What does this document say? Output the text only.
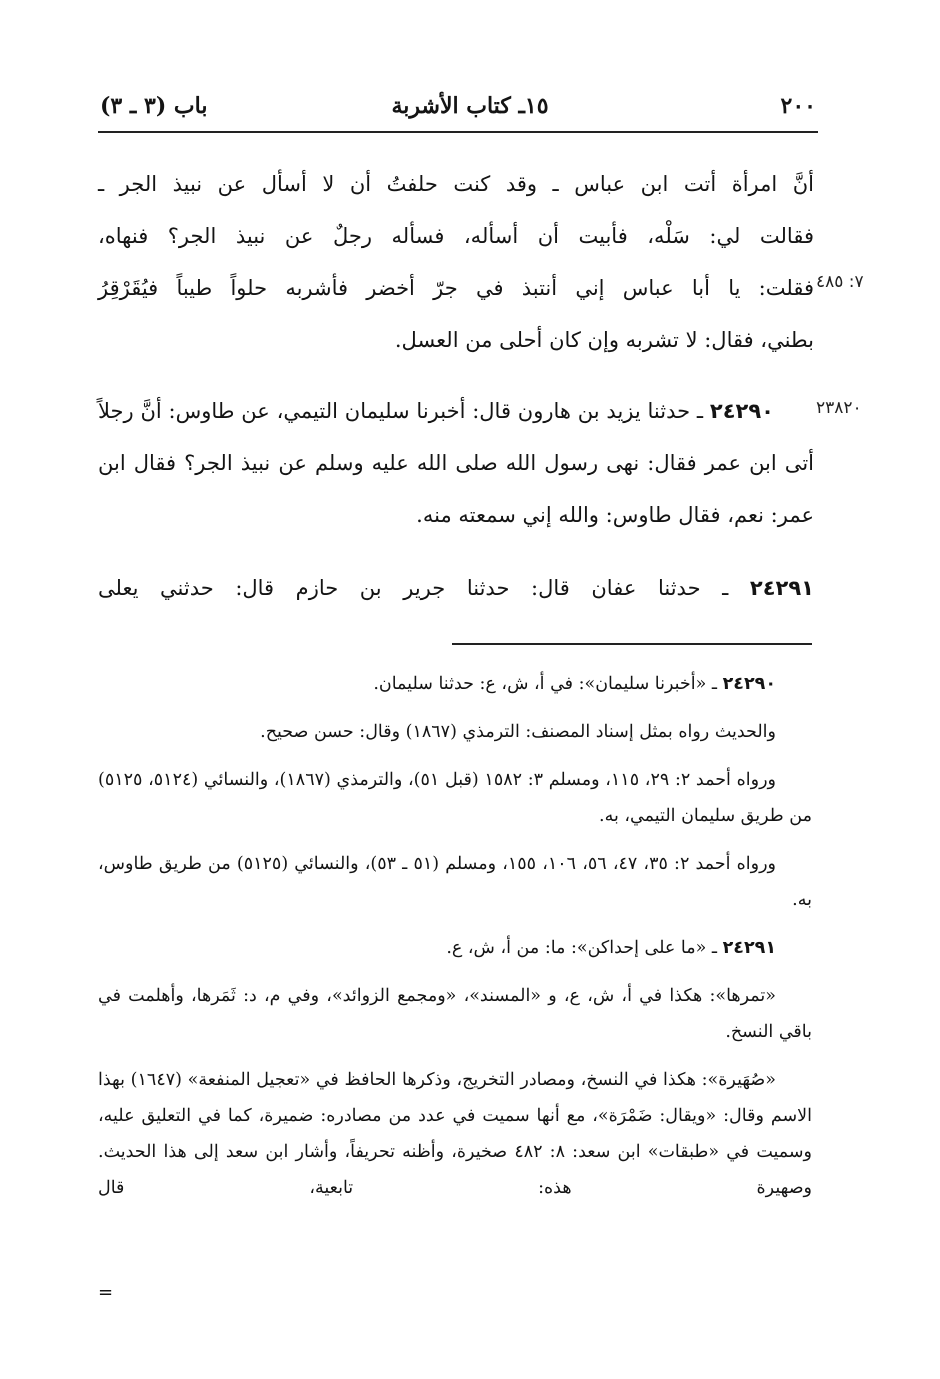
٢٠٠
١٥ـ كتاب الأشربة
باب (٣ ـ ٣)
٧: ٤٨٥
٢٣٨٢٠

أنَّ امرأة أتت ابن عباس ـ وقد كنت حلفتُ أن لا أسأل عن نبيذ الجر ـ

فقالت لي: سَلْه، فأبيت أن أسأله، فسأله رجلٌ عن نبيذ الجر؟ فنهاه،

فقلت: يا أبا عباس إني أنتبذ في جرّ أخضر فأشربه حلواً طيباً فيُقَرْقِرُ

بطني، فقال: لا تشربه وإن كان أحلى من العسل.

٢٤٢٩٠ ـ حدثنا يزيد بن هارون قال: أخبرنا سليمان التيمي، عن طاوس: أنَّ رجلاً أتى ابن عمر فقال: نهى رسول الله صلى الله عليه وسلم عن نبيذ الجر؟ فقال ابن عمر: نعم، فقال طاوس: والله إني سمعته منه.

٢٤٢٩١ ـ حدثنا عفان قال: حدثنا جرير بن حازم قال: حدثني يعلى

٢٤٢٩٠ ـ «أخبرنا سليمان»: في أ، ش، ع: حدثنا سليمان.

والحديث رواه بمثل إسناد المصنف: الترمذي (١٨٦٧) وقال: حسن صحيح.

ورواه أحمد ٢: ٢٩، ١١٥، ومسلم ٣: ١٥٨٢ (قبل ٥١)، والترمذي (١٨٦٧)، والنسائي (٥١٢٤، ٥١٢٥) من طريق سليمان التيمي، به.

ورواه أحمد ٢: ٣٥، ٤٧، ٥٦، ١٠٦، ١٥٥، ومسلم (٥١ ـ ٥٣)، والنسائي (٥١٢٥) من طريق طاوس، به.

٢٤٢٩١ ـ «ما على إحداكن»: ما: من أ، ش، ع.

«تمرها»: هكذا في أ، ش، ع، و «المسند»، «ومجمع الزوائد»، وفي م، د: ثَمَرها، وأهلمت في باقي النسخ.

«صُهَيرة»: هكذا في النسخ، ومصادر التخريج، وذكرها الحافظ في «تعجيل المنفعة» (١٦٤٧) بهذا الاسم وقال: «ويقال: ضَمْرَة»، مع أنها سميت في عدد من مصادره: ضميرة، كما في التعليق عليه، وسميت في «طبقات» ابن سعد: ٨: ٤٨٢ صخيرة، وأظنه تحريفاً، وأشار ابن سعد إلى هذا الحديث. وصهيرة هذه: تابعية، قال

=
